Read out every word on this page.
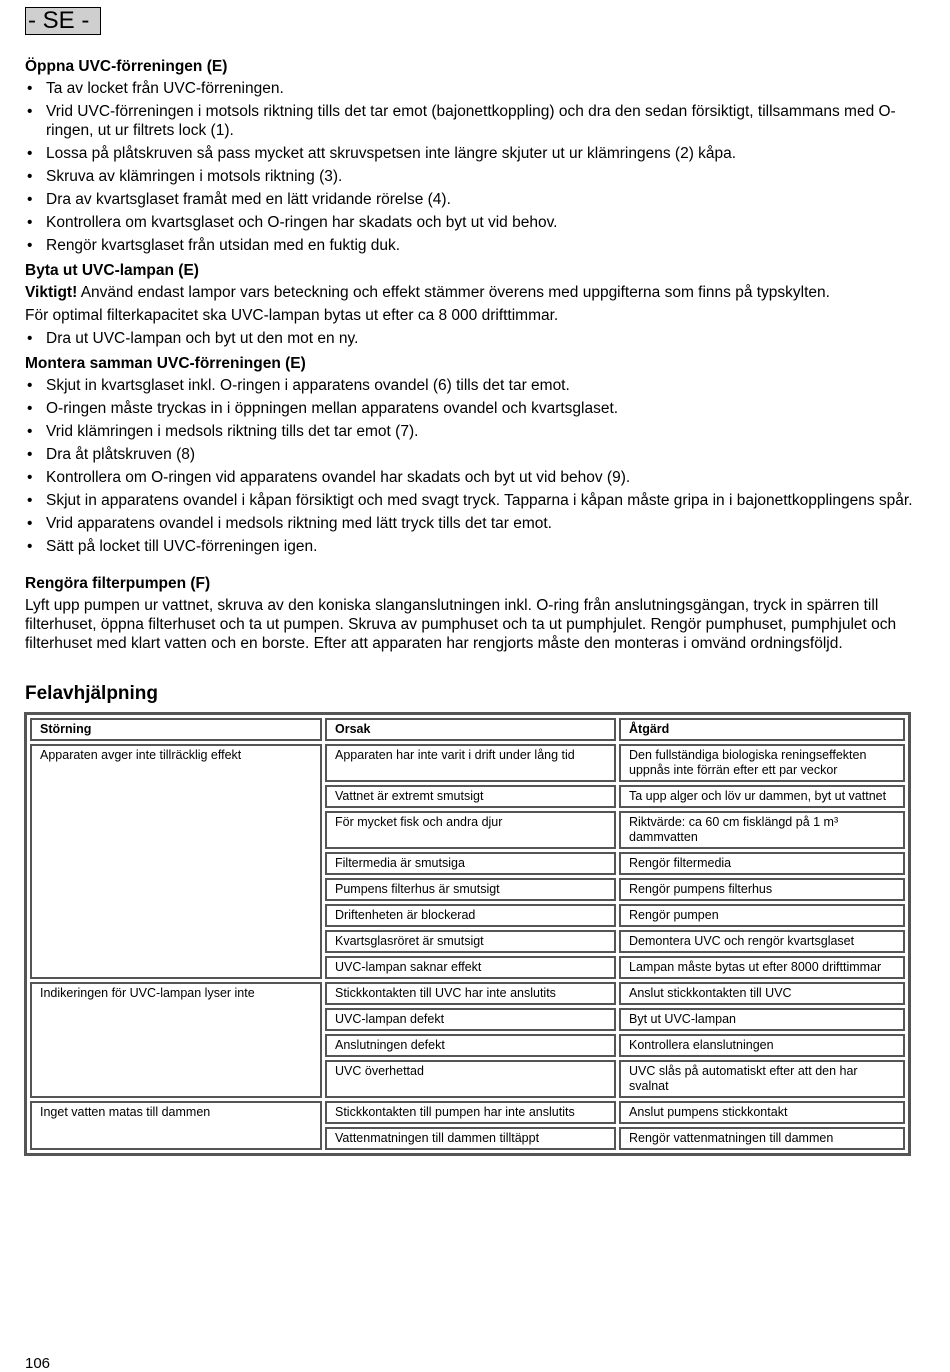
- SE -
Öppna UVC-förreningen (E)
• Ta av locket från UVC-förreningen.
• Vrid UVC-förreningen i motsols riktning tills det tar emot (bajonettkoppling) och dra den sedan försiktigt, tillsammans med O-ringen, ut ur filtrets lock (1).
• Lossa på plåtskruven så pass mycket att skruvspetsen inte längre skjuter ut ur klämringens (2) kåpa.
• Skruva av klämringen i motsols riktning (3).
• Dra av kvartsglaset framåt med en lätt vridande rörelse (4).
• Kontrollera om kvartsglaset och O-ringen har skadats och byt ut vid behov.
• Rengör kvartsglaset från utsidan med en fuktig duk.
Byta ut UVC-lampan (E)

Viktigt! Använd endast lampor vars beteckning och effekt stämmer överens med uppgifterna som finns på typskylten.

För optimal filterkapacitet ska UVC-lampan bytas ut efter ca 8 000 drifttimmar.

• Dra ut UVC-lampan och byt ut den mot en ny.
Montera samman UVC-förreningen (E)
• Skjut in kvartsglaset inkl. O-ringen i apparatens ovandel (6) tills det tar emot.
• O-ringen måste tryckas in i öppningen mellan apparatens ovandel och kvartsglaset.
• Vrid klämringen i medsols riktning tills det tar emot (7).
• Dra åt plåtskruven (8)
• Kontrollera om O-ringen vid apparatens ovandel har skadats och byt ut vid behov (9).
• Skjut in apparatens ovandel i kåpan försiktigt och med svagt tryck. Tapparna i kåpan måste gripa in i bajonettkopplingens spår.
• Vrid apparatens ovandel i medsols riktning med lätt tryck tills det tar emot.
• Sätt på locket till UVC-förreningen igen.
Rengöra filterpumpen (F)

Lyft upp pumpen ur vattnet, skruva av den koniska slanganslutningen inkl. O-ring från anslutningsgängan, tryck in spärren till filterhuset, öppna filterhuset och ta ut pumpen. Skruva av pumphuset och ta ut pumphjulet. Rengör pumphuset, pumphjulet och filterhuset med klart vatten och en borste. Efter att apparaten har rengjorts måste den monteras i omvänd ordningsföljd.

Felavhjälpning
Störning	Orsak	Åtgärd
Apparaten avger inte tillräcklig effekt	Apparaten har inte varit i drift under lång tid	Den fullständiga biologiska reningseffekten uppnås inte förrän efter ett par veckor
	Vattnet är extremt smutsigt	Ta upp alger och löv ur dammen, byt ut vattnet
	För mycket fisk och andra djur	Riktvärde: ca 60 cm fisklängd på 1 m³ dammvatten
	Filtermedia är smutsiga	Rengör filtermedia
	Pumpens filterhus är smutsigt	Rengör pumpens filterhus
	Driftenheten är blockerad	Rengör pumpen
	Kvartsglasröret är smutsigt	Demontera UVC och rengör kvartsglaset
	UVC-lampan saknar effekt	Lampan måste bytas ut efter 8000 drifttimmar
Indikeringen för UVC-lampan lyser inte	Stickkontakten till UVC har inte anslutits	Anslut stickkontakten till UVC
	UVC-lampan defekt	Byt ut UVC-lampan
	Anslutningen defekt	Kontrollera elanslutningen
	UVC överhettad	UVC slås på automatiskt efter att den har svalnat
Inget vatten matas till dammen	Stickkontakten till pumpen har inte anslutits	Anslut pumpens stickkontakt
	Vattenmatningen till dammen tilltäppt	Rengör vattenmatningen till dammen
106
